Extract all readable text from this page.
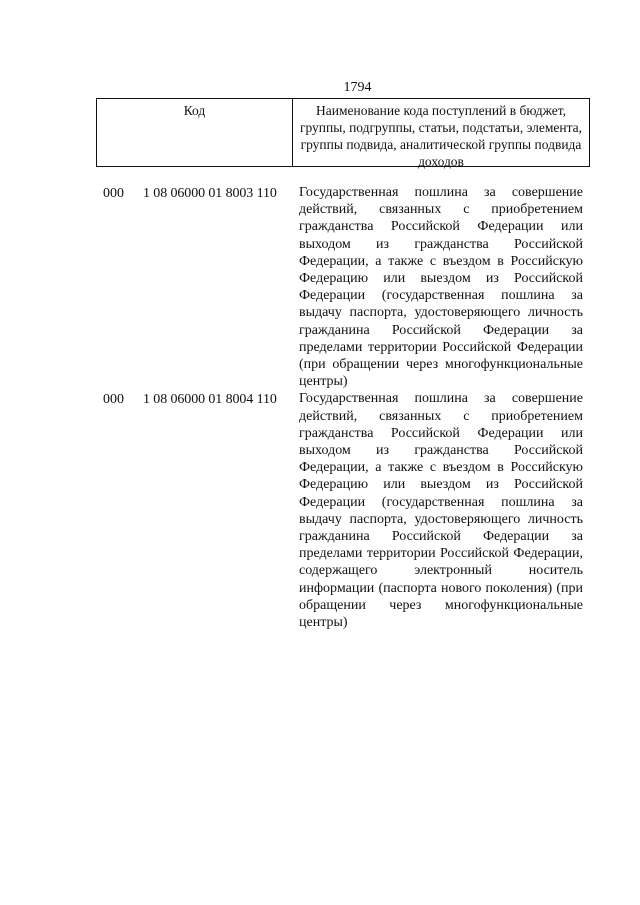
1794
Код	Наименование кода поступлений в бюджет, группы, подгруппы, статьи, подстатьи, элемента, группы подвида, аналитической группы подвида доходов
000 1 08 06000 01 8003 110 Государственная пошлина за совершение действий, связанных с приобретением гражданства Российской Федерации или выходом из гражданства Российской Федерации, а также с въездом в Российскую Федерацию или выездом из Российской Федерации (государственная пошлина за выдачу паспорта, удостоверяющего личность гражданина Российской Федерации за пределами территории Российской Федерации (при обращении через многофункциональные центры)
000 1 08 06000 01 8004 110 Государственная пошлина за совершение действий, связанных с приобретением гражданства Российской Федерации или выходом из гражданства Российской Федерации, а также с въездом в Российскую Федерацию или выездом из Российской Федерации (государственная пошлина за выдачу паспорта, удостоверяющего личность гражданина Российской Федерации за пределами территории Российской Федерации, содержащего электронный носитель информации (паспорта нового поколения) (при обращении через многофункциональные центры)
